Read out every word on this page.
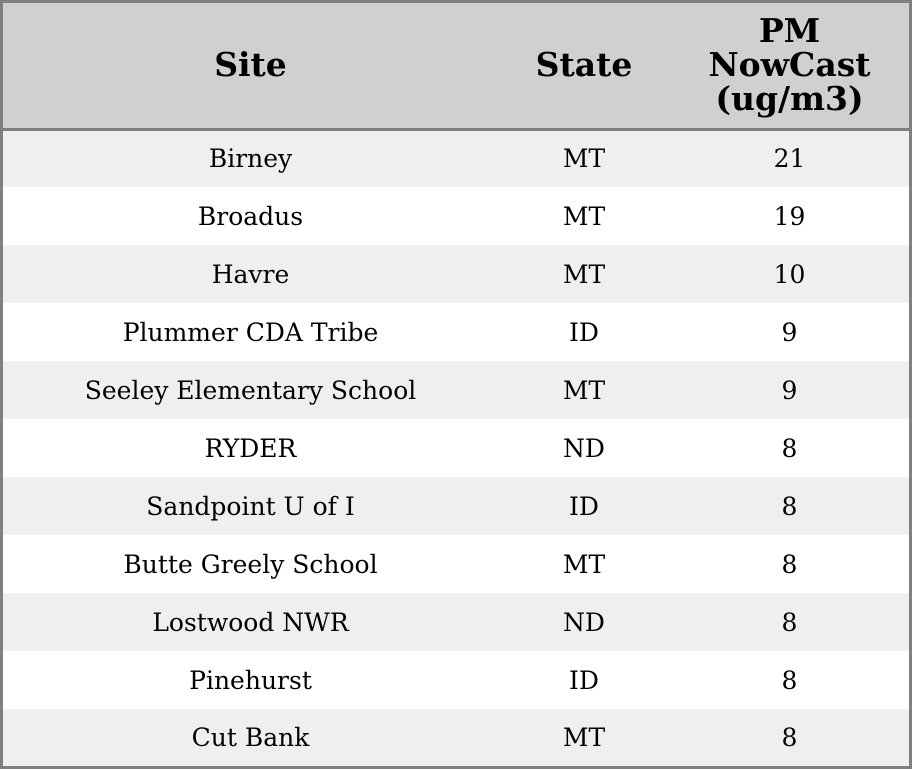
Site	State	PM NowCast (ug/m3)
Birney	MT	21
Broadus	MT	19
Havre	MT	10
Plummer CDA Tribe	ID	9
Seeley Elementary School	MT	9
RYDER	ND	8
Sandpoint U of I	ID	8
Butte Greely School	MT	8
Lostwood NWR	ND	8
Pinehurst	ID	8
Cut Bank	MT	8
